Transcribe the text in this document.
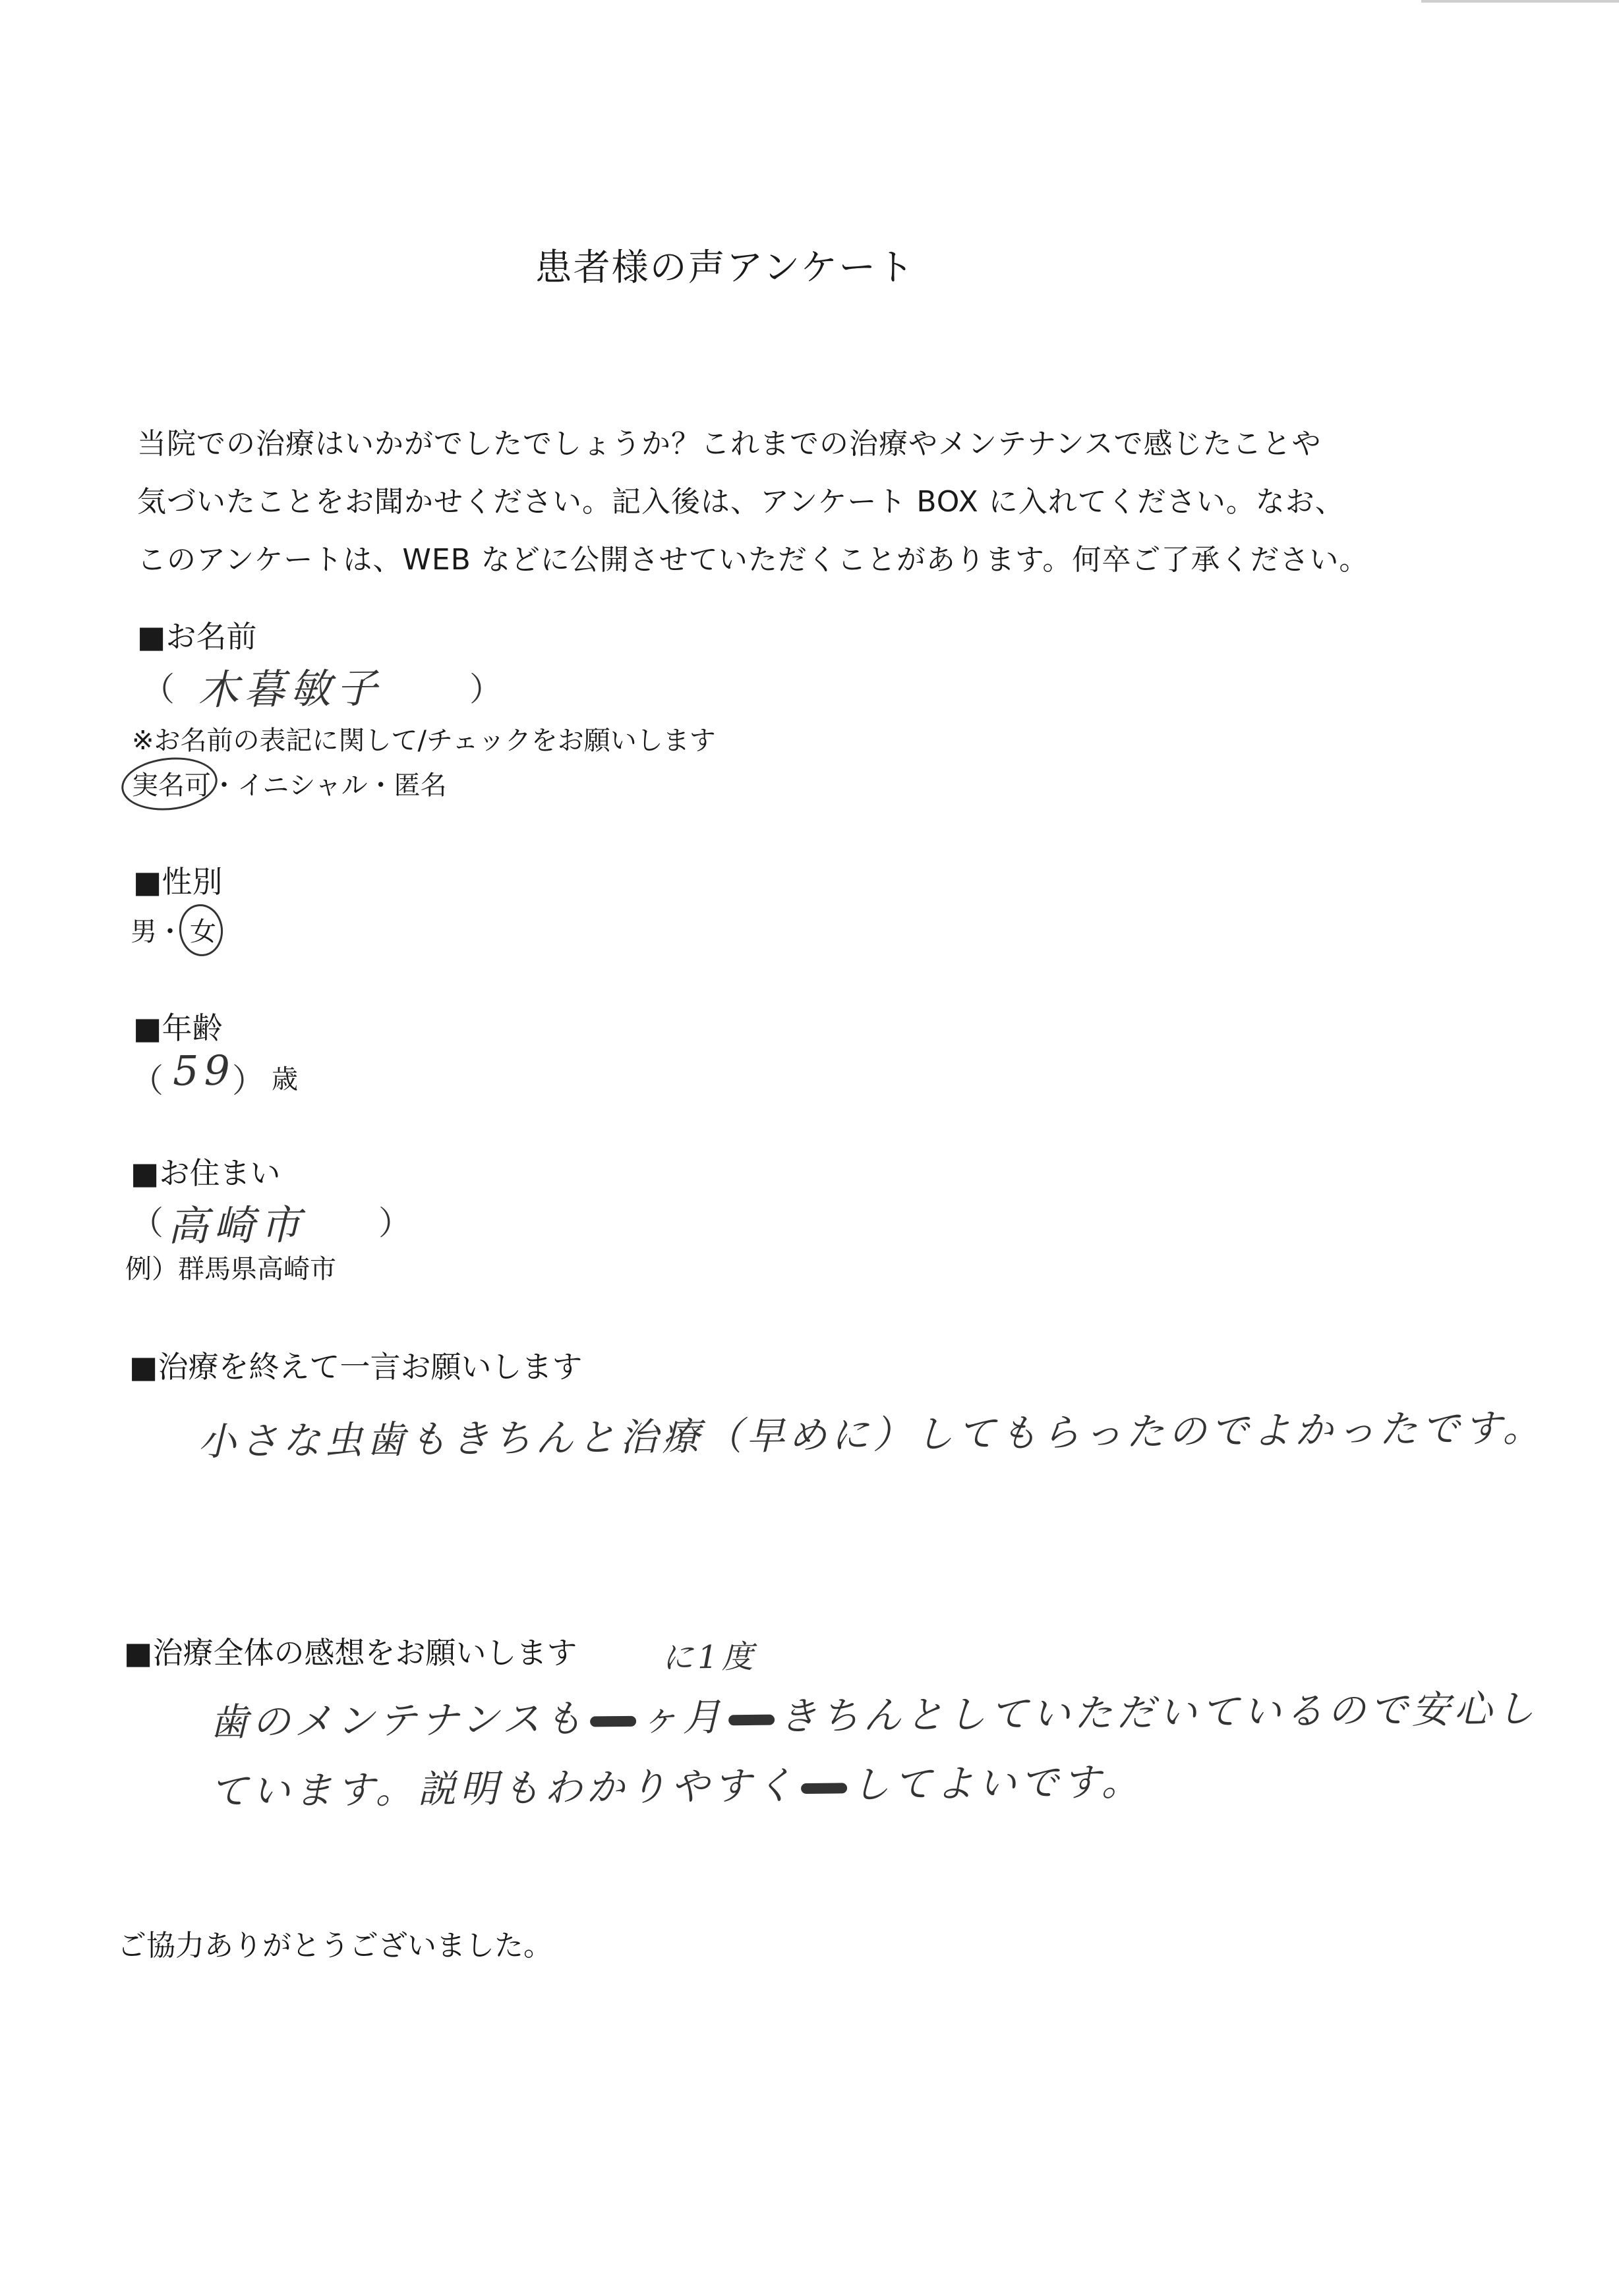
患者様の声アンケート
当院での治療はいかがでしたでしょうか？これまでの治療やメンテナンスで感じたことや
気づいたことをお聞かせください。記入後は、アンケート BOX に入れてください。なお、
このアンケートは、WEB などに公開させていただくことがあります。何卒ご了承ください。
■お名前
（ 木暮敏子	）
※お名前の表記に関して/チェックをお願いします
実名可・イニシャル・匿名
■性別
男・ 女
■年齢
（ 59
） 歳
■お住まい
（ 高崎市 ）
例）群馬県高崎市
■治療を終えて一言お願いします
小さな虫歯もきちんと治療（早めに）してもらったのでよかったです。
■治療全体の感想をお願いします	に1度
歯のメンテナンスも ヶ月 きちんとしていただいているので安心し
ています。説明もわかりやすく してよいです。
ご協力ありがとうございました。
